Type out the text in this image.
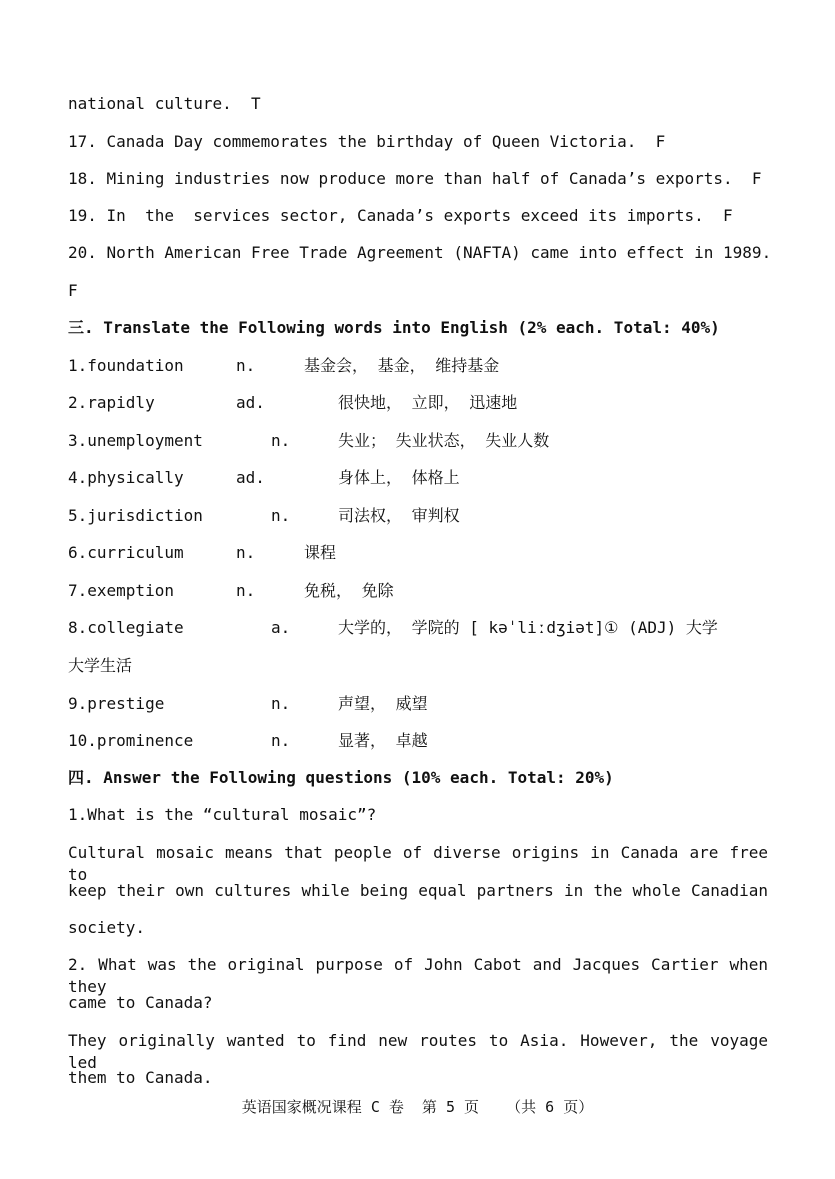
national culture.  T
17. Canada Day commemorates the birthday of Queen Victoria.  F
18. Mining industries now produce more than half of Canada’s exports.  F
19. In  the  services sector, Canada’s exports exceed its imports.  F
20. North American Free Trade Agreement (NAFTA) came into effect in 1989.
F
三. Translate the Following words into English (2% each. Total: 40%)
1.foundation	n.	基金会， 基金， 维持基金
2.rapidly	ad.	很快地， 立即， 迅速地
3.unemployment	n.	失业； 失业状态， 失业人数
4.physically	ad.	身体上， 体格上
5.jurisdiction	n.	司法权， 审判权
6.curriculum	n.	课程
7.exemption	n.	免税， 免除
8.collegiate	a.	大学的， 学院的 [ kəˈliːdʒiət]① (ADJ) 大学
大学生活
9.prestige	n.	声望， 威望
10.prominence	n.	显著， 卓越
四. Answer the Following questions (10% each. Total: 20%)
1.What is the “cultural mosaic”?
Cultural mosaic means that people of diverse origins in Canada are free to
keep their own cultures while being equal partners in the whole Canadian
society.
2. What was the original purpose of John Cabot and Jacques Cartier when they
came to Canada?
They originally wanted to find new routes to Asia. However, the voyage led
them to Canada.
英语国家概况课程 C 卷  第 5 页   （共 6 页）
